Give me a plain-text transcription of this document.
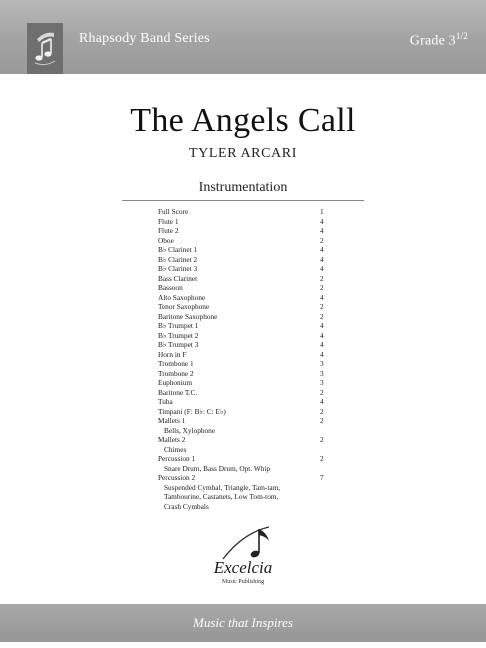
Rhapsody Band Series	Grade $3^{1/2}$
The Angels Call
TYLER ARCARI
Instrumentation
Full Score	1
Flute 1	4
Flute 2	4
Oboe	2
B♭ Clarinet 1	4
B♭ Clarinet 2	4
B♭ Clarinet 3	4
Bass Clarinet	2
Bassoon	2
Alto Saxophone	4
Tenor Saxophone	2
Baritone Saxophone	2
B♭ Trumpet 1	4
B♭ Trumpet 2	4
B♭ Trumpet 3	4
Horn in F	4
Trombone 1	3
Trombone 2	3
Euphonium	3
Baritone T.C.	2
Tuba	4
Timpani (F: B♭: C: E♭)	2
Mallets 1	2
Bells, Xylophone
Mallets 2	2
Chimes
Percussion 1	2
Snare Drum, Bass Drum, Opt. Whip
Percussion 2	7
Suspended Cymbal, Triangle, Tam-tam,
Tambourine, Castanets, Low Tom-tom,
Crash Cymbals
Excelcia
Music Publishing
Music that Inspires
